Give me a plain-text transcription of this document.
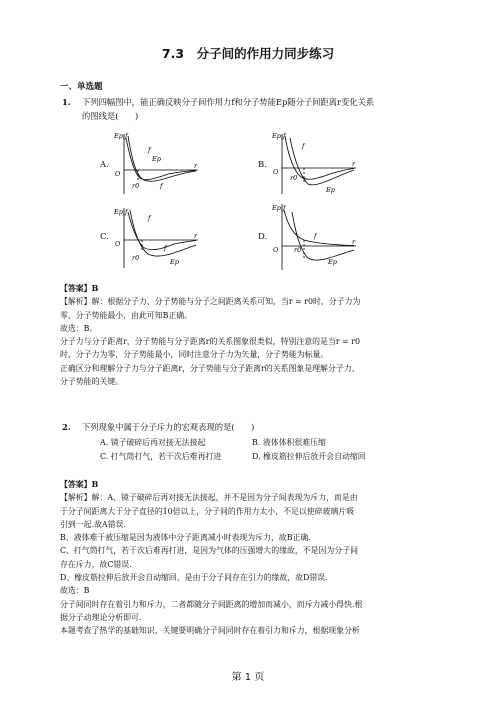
7.3　分子间的作用力同步练习
一、单选题
1. 下列四幅图中，能正确反映分子间作用力f和分子势能Ep随分子间距离r变化关系
的图线是(　　)
A.	B.
C.	D.
Ep,f
O
r
f
Ep
f
r0
Ep,f
O
r
f
Ep
r0
Ep,f
O
r
f
f
Ep
r0
Ep,f
O
r
f
Ep
r0

【答案】B

【解析】解：根据分子力、分子势能与分子之间距离关系可知，当r = r0时，分子力为

零，分子势能最小，由此可知B正确。

故选：B。

分子力与分子距离r，分子势能与分子距离r的关系图象很类似，特别注意的是当r = r0

时，分子力为零，分子势能最小，同时注意分子力为矢量，分子势能为标量。

正确区分和理解分子力与分子距离r，分子势能与分子距离r的关系图象是理解分子力、

分子势能的关键。

2. 下列现象中属于分子斥力的宏观表现的是(　　)
A. 镜子破碎后再对接无法接起	B. 液体体积很难压缩
C. 打气筒打气，若干次后难再打进	D. 橡皮筋拉伸后放开会自动缩回

【答案】B

【解析】解：A、镜子破碎后再对接无法接起，并不是因为分子间表现为斥力，而是由

于分子间距离大于分子直径的10倍以上，分子间的作用力太小，不足以使碎玻璃片吸

引到一起.故A错误.

B、液体难于被压缩是因为液体中分子距离减小时表现为斥力，故B正确.

C、打气筒打气，若干次后难再打进，是因为气体的压强增大的缘故，不是因为分子间

存在斥力，故C错误.

D、橡皮筋拉伸后放开会自动缩回，是由于分子间存在引力的缘故，故D错误.

故选：B

分子间同时存在着引力和斥力，二者都随分子间距离的增加而减小，而斥力减小得快.根

据分子动理论分析即可.

本题考查了热学的基础知识，关键要明确分子间同时存在着引力和斥力，根据现象分析

第 1 页
